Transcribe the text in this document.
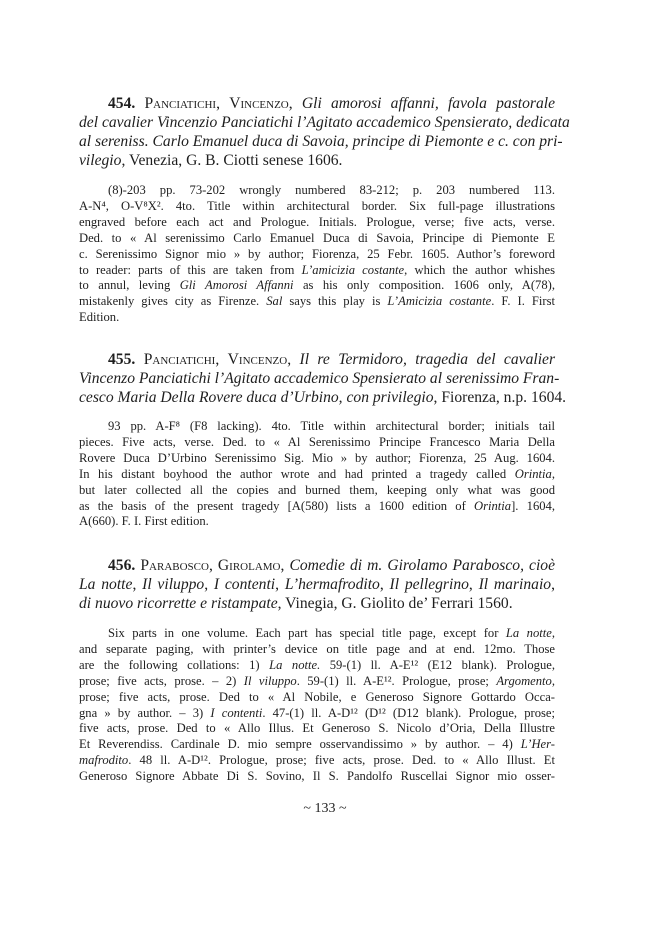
454. Panciatichi, Vincenzo, Gli amorosi affanni, favola pastorale
del cavalier Vincenzio Panciatichi l’Agitato accademico Spensierato, dedicata
al sereniss. Carlo Emanuel duca di Savoia, principe di Piemonte e c. con pri-
vilegio, Venezia, G. B. Ciotti senese 1606.
(8)-203 pp. 73-202 wrongly numbered 83-212; p. 203 numbered 113.
A-N⁴, O-V⁸X². 4to. Title within architectural border. Six full-page illustrations
engraved before each act and Prologue. Initials. Prologue, verse; five acts, verse.
Ded. to « Al serenissimo Carlo Emanuel Duca di Savoia, Principe di Piemonte E
c. Serenissimo Signor mio » by author; Fiorenza, 25 Febr. 1605. Author’s foreword
to reader: parts of this are taken from L’amicizia costante, which the author whishes
to annul, leving Gli Amorosi Affanni as his only composition. 1606 only, A(78),
mistakenly gives city as Firenze. Sal says this play is L’Amicizia costante. F. I. First
Edition.
455. Panciatichi, Vincenzo, Il re Termidoro, tragedia del cavalier
Vincenzo Panciatichi l’Agitato accademico Spensierato al serenissimo Fran-
cesco Maria Della Rovere duca d’Urbino, con privilegio, Fiorenza, n.p. 1604.
93 pp. A-F⁸ (F8 lacking). 4to. Title within architectural border; initials tail
pieces. Five acts, verse. Ded. to « Al Serenissimo Principe Francesco Maria Della
Rovere Duca D’Urbino Serenissimo Sig. Mio » by author; Fiorenza, 25 Aug. 1604.
In his distant boyhood the author wrote and had printed a tragedy called Orintia,
but later collected all the copies and burned them, keeping only what was good
as the basis of the present tragedy [A(580) lists a 1600 edition of Orintia]. 1604,
A(660). F. I. First edition.
456. Parabosco, Girolamo, Comedie di m. Girolamo Parabosco, cioè
La notte, Il viluppo, I contenti, L’hermafrodito, Il pellegrino, Il marinaio,
di nuovo ricorrette e ristampate, Vinegia, G. Giolito de’ Ferrari 1560.
Six parts in one volume. Each part has special title page, except for La notte,
and separate paging, with printer’s device on title page and at end. 12mo. Those
are the following collations: 1) La notte. 59-(1) ll. A-E¹² (E12 blank). Prologue,
prose; five acts, prose. – 2) Il viluppo. 59-(1) ll. A-E¹². Prologue, prose; Argomento,
prose; five acts, prose. Ded to « Al Nobile, e Generoso Signore Gottardo Occa-
gna » by author. – 3) I contenti. 47-(1) ll. A-D¹² (D¹² (D12 blank). Prologue, prose;
five acts, prose. Ded to « Allo Illus. Et Generoso S. Nicolo d’Oria, Della Illustre
Et Reverendiss. Cardinale D. mio sempre osservandissimo » by author. – 4) L’Her-
mafrodito. 48 ll. A-D¹². Prologue, prose; five acts, prose. Ded. to « Allo Illust. Et
Generoso Signore Abbate Di S. Sovino, Il S. Pandolfo Ruscellai Signor mio osser-
~ 133 ~
